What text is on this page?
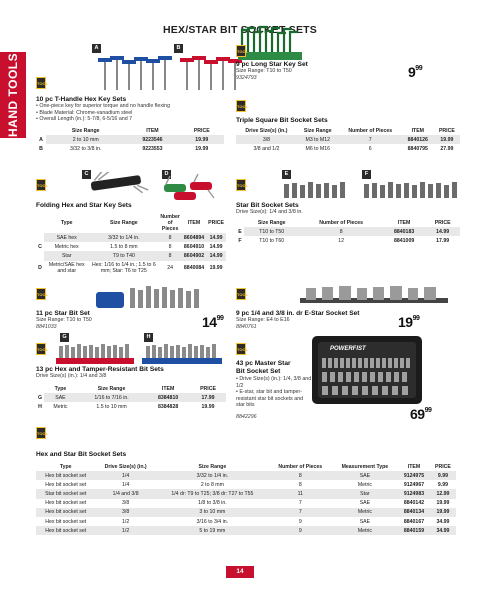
HEX/STAR BIT SOCKET SETS
HAND TOOLS
A	B
TOOL
TOOL
9 pc Long Star Key Set
Size Range: T10 to T50
9324793	$9^{99}$
10 pc T-Handle Hex Key Sets
• One-piece key for superior torque and no handle flexing
• Blade Material: Chrome-vanadium steel
• Overall Length (in.): 5-7/8, 6-5/16 and 7
	Size Range	ITEM	PRICE
A	2 to 10 mm	9223546	19.99
B	3/32 to 3/8 in.	9223553	19.99
TOOL
Triple Square Bit Socket Sets
Drive Size(s) (in.)	Size Range	Number of Pieces	ITEM	PRICE
3/8	M3 to M12	7	8840126	19.99
3/8 and 1/2	M6 to M16	6	8840795	27.99
C	D
TOOL
Folding Hex and Star Key Sets
	Type	Size Range	Number of Pieces	ITEM	PRICE
	SAE hex	3/32 to 1/4 in.	8	8604894	14.99
C	Metric hex	1.5 to 8 mm	8	8604910	14.99
	Star	T9 to T40	8	8604902	14.99
D	Metric/SAE hex and star	Hex: 1/16 to 1/4 in.; 1.5 to 6 mm; Star: T6 to T25	24	8840084	19.99
E	F
TOOL
Star Bit Socket Sets
Drive Size(s): 1/4 and 3/8 in.
	Size Range	Number of Pieces	ITEM	PRICE
E	T10 to T50	8	8840183	14.99
F	T10 to T60	12	8841009	17.99
TOOL
11 pc Star Bit Set
Size Range: T10 to T50
8841033	$14^{99}$
TOOL
9 pc 1/4 and 3/8 in. dr E-Star Socket Set
Size Range: E4 to E16
8840761	$19^{99}$
G	H
TOOL
13 pc Hex and Tamper-Resistant Bit Sets
Drive Size(s) (in.): 1/4 and 3/8
	Type	Size Range	ITEM	PRICE
G	SAE	1/16 to 7/16 in.	8384810	17.99
H	Metric	1.5 to 10 mm	8384828	19.99
TOOL
43 pc Master Star
Bit Socket Set
• Drive Size(s) (in.): 1/4, 3/8 and 1/2
• E-star, star bit and tamper-resistant star bit sockets and star bits
8842296
POWERFIST
$69^{99}$
TOOL
Hex and Star Bit Socket Sets
Type	Drive Size(s) (in.)	Size Range	Number of Pieces	Measurement Type	ITEM	PRICE
Hex bit socket set	1/4	3/32 to 1/4 in.	8	SAE	9124975	9.99
Hex bit socket set	1/4	2 to 8 mm	8	Metric	9124967	9.99
Star bit socket set	1/4 and 3/8	1/4 dr: T9 to T25; 3/8 dr: T27 to T55	11	Star	9124983	12.99
Hex bit socket set	3/8	1/8 to 3/8 in.	7	SAE	8840142	19.99
Hex bit socket set	3/8	3 to 10 mm	7	Metric	8840134	19.99
Hex bit socket set	1/2	3/16 to 3/4 in.	9	SAE	8840167	34.99
Hex bit socket set	1/2	5 to 19 mm	9	Metric	8840159	34.99
14
